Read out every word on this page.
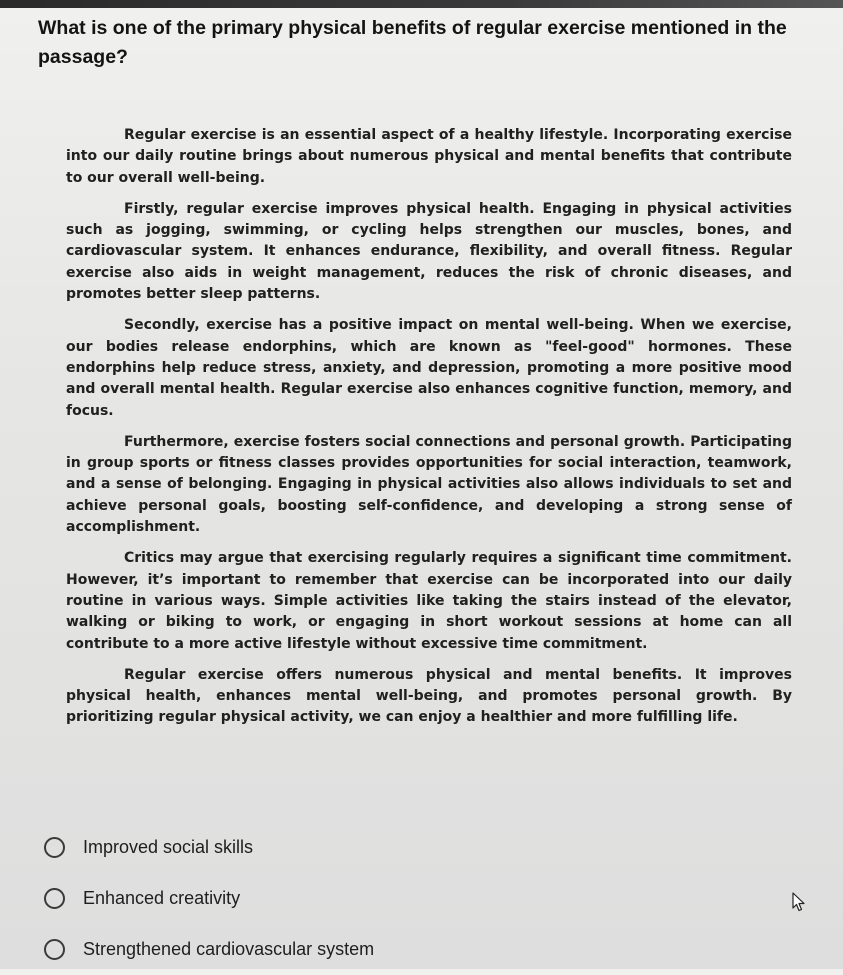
What is one of the primary physical benefits of regular exercise mentioned in the passage?

Regular exercise is an essential aspect of a healthy lifestyle. Incorporating exercise into our daily routine brings about numerous physical and mental benefits that contribute to our overall well-being.

Firstly, regular exercise improves physical health. Engaging in physical activities such as jogging, swimming, or cycling helps strengthen our muscles, bones, and cardiovascular system. It enhances endurance, flexibility, and overall fitness. Regular exercise also aids in weight management, reduces the risk of chronic diseases, and promotes better sleep patterns.

Secondly, exercise has a positive impact on mental well-being. When we exercise, our bodies release endorphins, which are known as "feel-good" hormones. These endorphins help reduce stress, anxiety, and depression, promoting a more positive mood and overall mental health. Regular exercise also enhances cognitive function, memory, and focus.

Furthermore, exercise fosters social connections and personal growth. Participating in group sports or fitness classes provides opportunities for social interaction, teamwork, and a sense of belonging. Engaging in physical activities also allows individuals to set and achieve personal goals, boosting self-confidence, and developing a strong sense of accomplishment.

Critics may argue that exercising regularly requires a significant time commitment. However, it’s important to remember that exercise can be incorporated into our daily routine in various ways. Simple activities like taking the stairs instead of the elevator, walking or biking to work, or engaging in short workout sessions at home can all contribute to a more active lifestyle without excessive time commitment.

Regular exercise offers numerous physical and mental benefits. It improves physical health, enhances mental well-being, and promotes personal growth. By prioritizing regular physical activity, we can enjoy a healthier and more fulfilling life.

Improved social skills
Enhanced creativity
Strengthened cardiovascular system
